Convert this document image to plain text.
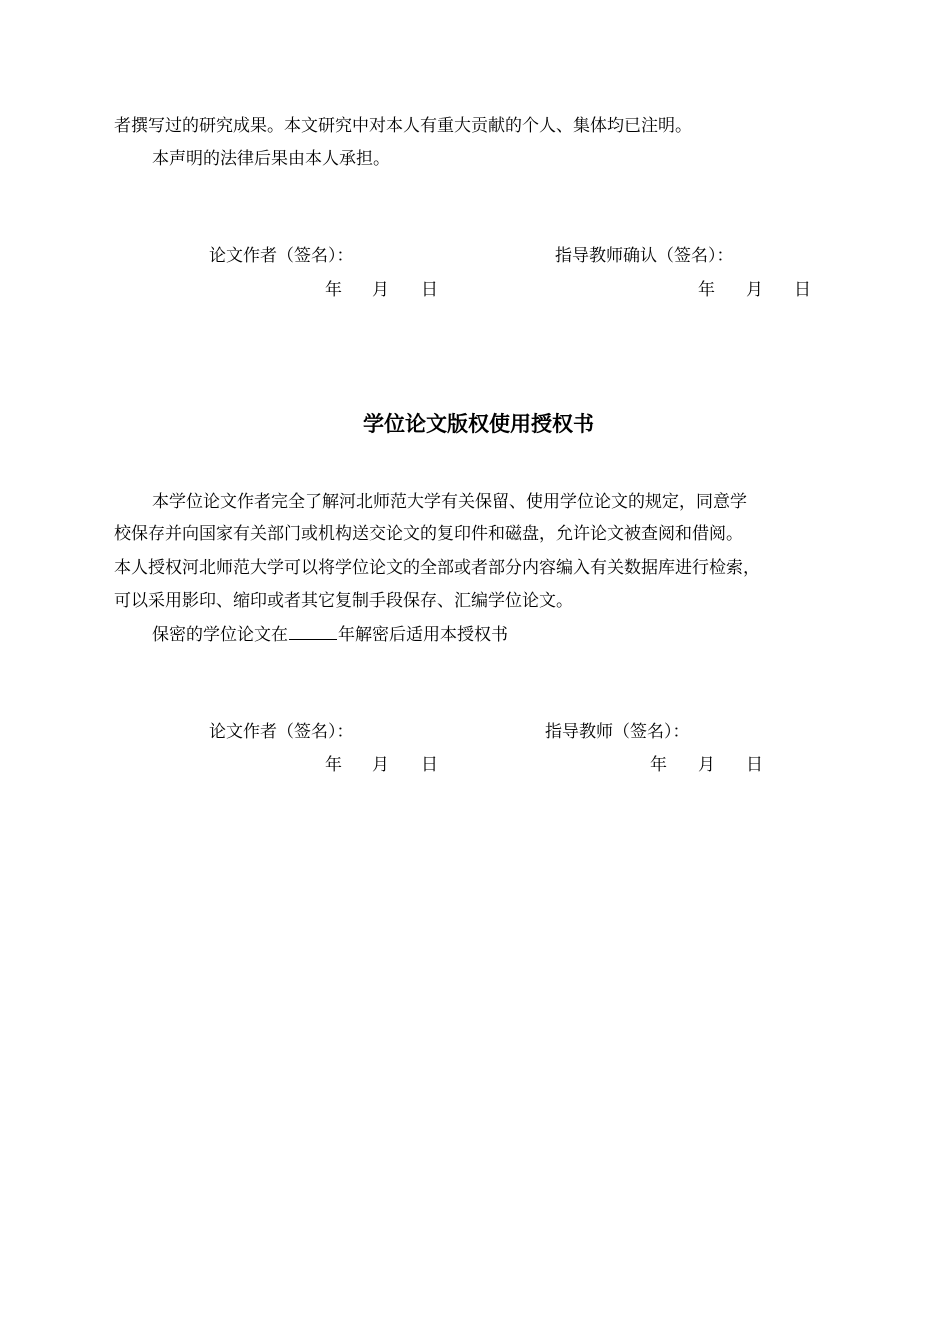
者撰写过的研究成果。本文研究中对本人有重大贡献的个人、集体均已注明。
本声明的法律后果由本人承担。
论文作者（签名）：	指导教师确认（签名）：
年 月 日	年 月 日
学位论文版权使用授权书
本学位论文作者完全了解河北师范大学有关保留、使用学位论文的规定，同意学
校保存并向国家有关部门或机构送交论文的复印件和磁盘，允许论文被查阅和借阅。
本人授权河北师范大学可以将学位论文的全部或者部分内容编入有关数据库进行检索，
可以采用影印、缩印或者其它复制手段保存、汇编学位论文。
保密的学位论文在	年解密后适用本授权书
论文作者（签名）：	指导教师（签名）：
年 月 日	年 月 日
